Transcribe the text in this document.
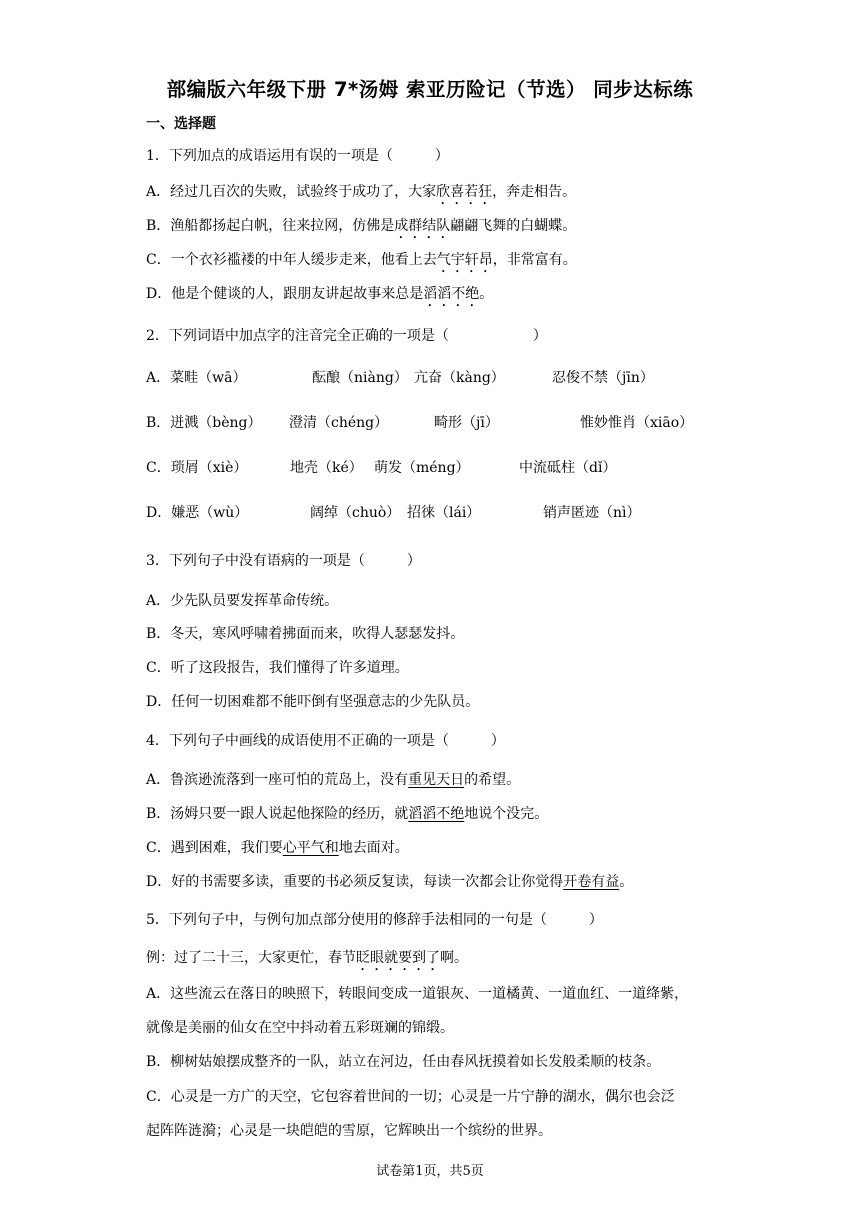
部编版六年级下册 7*汤姆 索亚历险记（节选） 同步达标练
一、选择题
1．下列加点的成语运用有误的一项是（　　　）
A．经过几百次的失败，试验终于成功了，大家欣喜若狂，奔走相告。
B．渔船都扬起白帆，往来拉网，仿佛是成群结队翩翩飞舞的白蝴蝶。
C．一个衣衫褴褛的中年人缓步走来，他看上去气宇轩昂，非常富有。
D．他是个健谈的人，跟朋友讲起故事来总是滔滔不绝。
2．下列词语中加点字的注音完全正确的一项是（　　　　　　）
A．菜畦（wā）	酝酿（niàng） 亢奋（kàng）	忍俊不禁（jīn）
B．迸溅（bèng） 澄清（chéng）	畸形（jī）	惟妙惟肖（xiāo）
C．琐屑（xiè）	地壳（ké） 萌发（méng）	中流砥柱（dǐ）
D．嫌恶（wù）	阔绰（chuò） 招徕（lái）	销声匿迹（nì）
3．下列句子中没有语病的一项是（　　　）
A．少先队员要发挥革命传统。
B．冬天，寒风呼啸着拂面而来，吹得人瑟瑟发抖。
C．听了这段报告，我们懂得了许多道理。
D．任何一切困难都不能吓倒有坚强意志的少先队员。
4．下列句子中画线的成语使用不正确的一项是（　　　）
A．鲁滨逊流落到一座可怕的荒岛上，没有重见天日的希望。
B．汤姆只要一跟人说起他探险的经历，就滔滔不绝地说个没完。
C．遇到困难，我们要心平气和地去面对。
D．好的书需要多读，重要的书必须反复读，每读一次都会让你觉得开卷有益。
5．下列句子中，与例句加点部分使用的修辞手法相同的一句是（　　　）
例：过了二十三，大家更忙，春节眨眼就要到了啊。
A．这些流云在落日的映照下，转眼间变成一道银灰、一道橘黄、一道血红、一道绛紫，
就像是美丽的仙女在空中抖动着五彩斑斓的锦缎。
B．柳树姑娘摆成整齐的一队，站立在河边，任由春风抚摸着如长发般柔顺的枝条。
C．心灵是一方广的天空，它包容着世间的一切；心灵是一片宁静的湖水，偶尔也会泛
起阵阵涟漪；心灵是一块皑皑的雪原，它辉映出一个缤纷的世界。
试卷第1页，共5页
